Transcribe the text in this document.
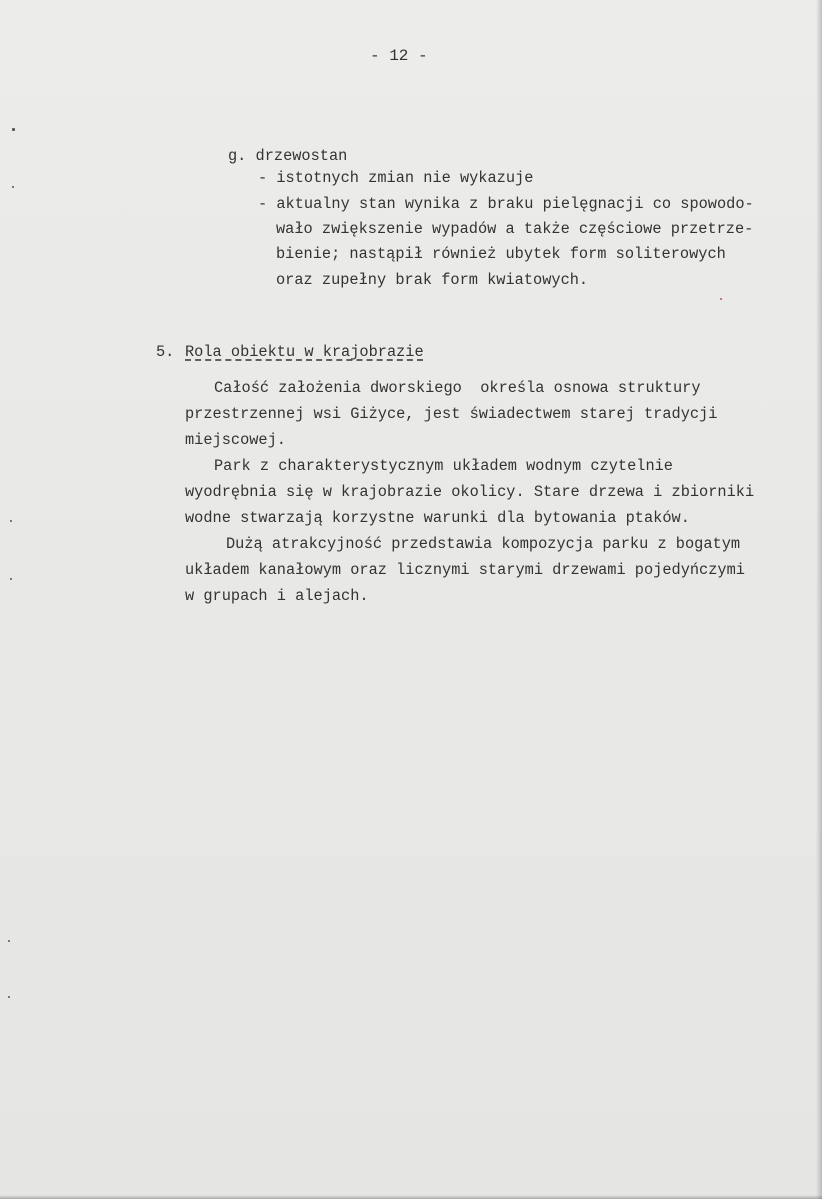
- 12 -
g. drzewostan
- istotnych zmian nie wykazuje
- aktualny stan wynika z braku pielęgnacji co spowodo-
wało zwiększenie wypadów a także częściowe przetrze-
bienie; nastąpił również ubytek form soliterowych
oraz zupełny brak form kwiatowych.
5. Rola obiektu w krajobrazie
Całość założenia dworskiego  określa osnowa struktury
przestrzennej wsi Giżyce, jest świadectwem starej tradycji
miejscowej.
Park z charakterystycznym układem wodnym czytelnie
wyodrębnia się w krajobrazie okolicy. Stare drzewa i zbiorniki
wodne stwarzają korzystne warunki dla bytowania ptaków.
Dużą atrakcyjność przedstawia kompozycja parku z bogatym
układem kanałowym oraz licznymi starymi drzewami pojedyńczymi
w grupach i alejach.
